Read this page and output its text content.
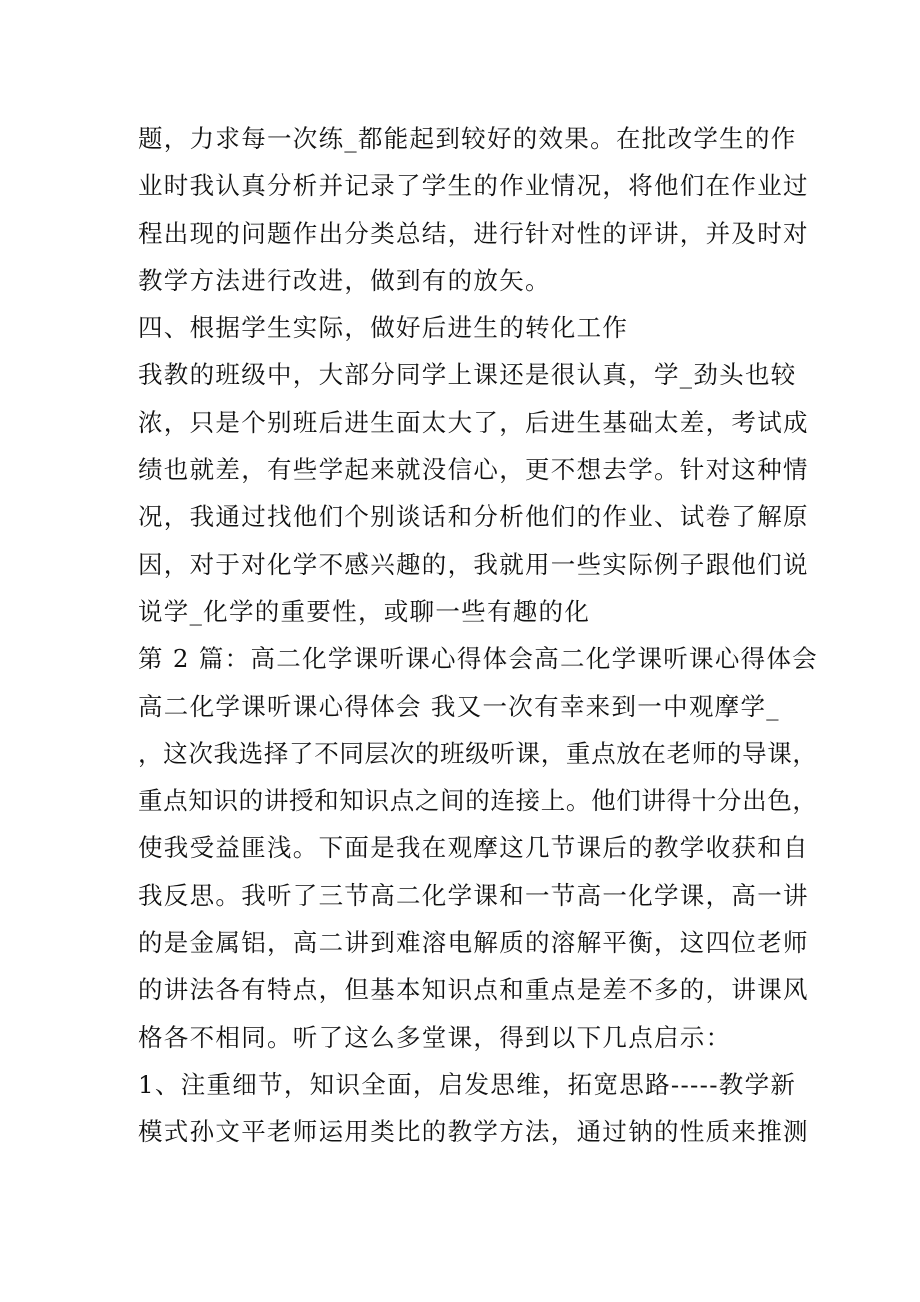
题，力求每一次练_都能起到较好的效果。在批改学生的作
业时我认真分析并记录了学生的作业情况，将他们在作业过
程出现的问题作出分类总结，进行针对性的评讲，并及时对
教学方法进行改进，做到有的放矢。
四、根据学生实际，做好后进生的转化工作
我教的班级中，大部分同学上课还是很认真，学_劲头也较
浓，只是个别班后进生面太大了，后进生基础太差，考试成
绩也就差，有些学起来就没信心，更不想去学。针对这种情
况，我通过找他们个别谈话和分析他们的作业、试卷了解原
因，对于对化学不感兴趣的，我就用一些实际例子跟他们说
说学_化学的重要性，或聊一些有趣的化
第 2 篇：高二化学课听课心得体会高二化学课听课心得体会
高二化学课听课心得体会 我又一次有幸来到一中观摩学_
，这次我选择了不同层次的班级听课，重点放在老师的导课，
重点知识的讲授和知识点之间的连接上。他们讲得十分出色，
使我受益匪浅。下面是我在观摩这几节课后的教学收获和自
我反思。我听了三节高二化学课和一节高一化学课，高一讲
的是金属铝，高二讲到难溶电解质的溶解平衡，这四位老师
的讲法各有特点，但基本知识点和重点是差不多的，讲课风
格各不相同。听了这么多堂课，得到以下几点启示：
1、注重细节，知识全面，启发思维，拓宽思路-----教学新
模式孙文平老师运用类比的教学方法，通过钠的性质来推测
